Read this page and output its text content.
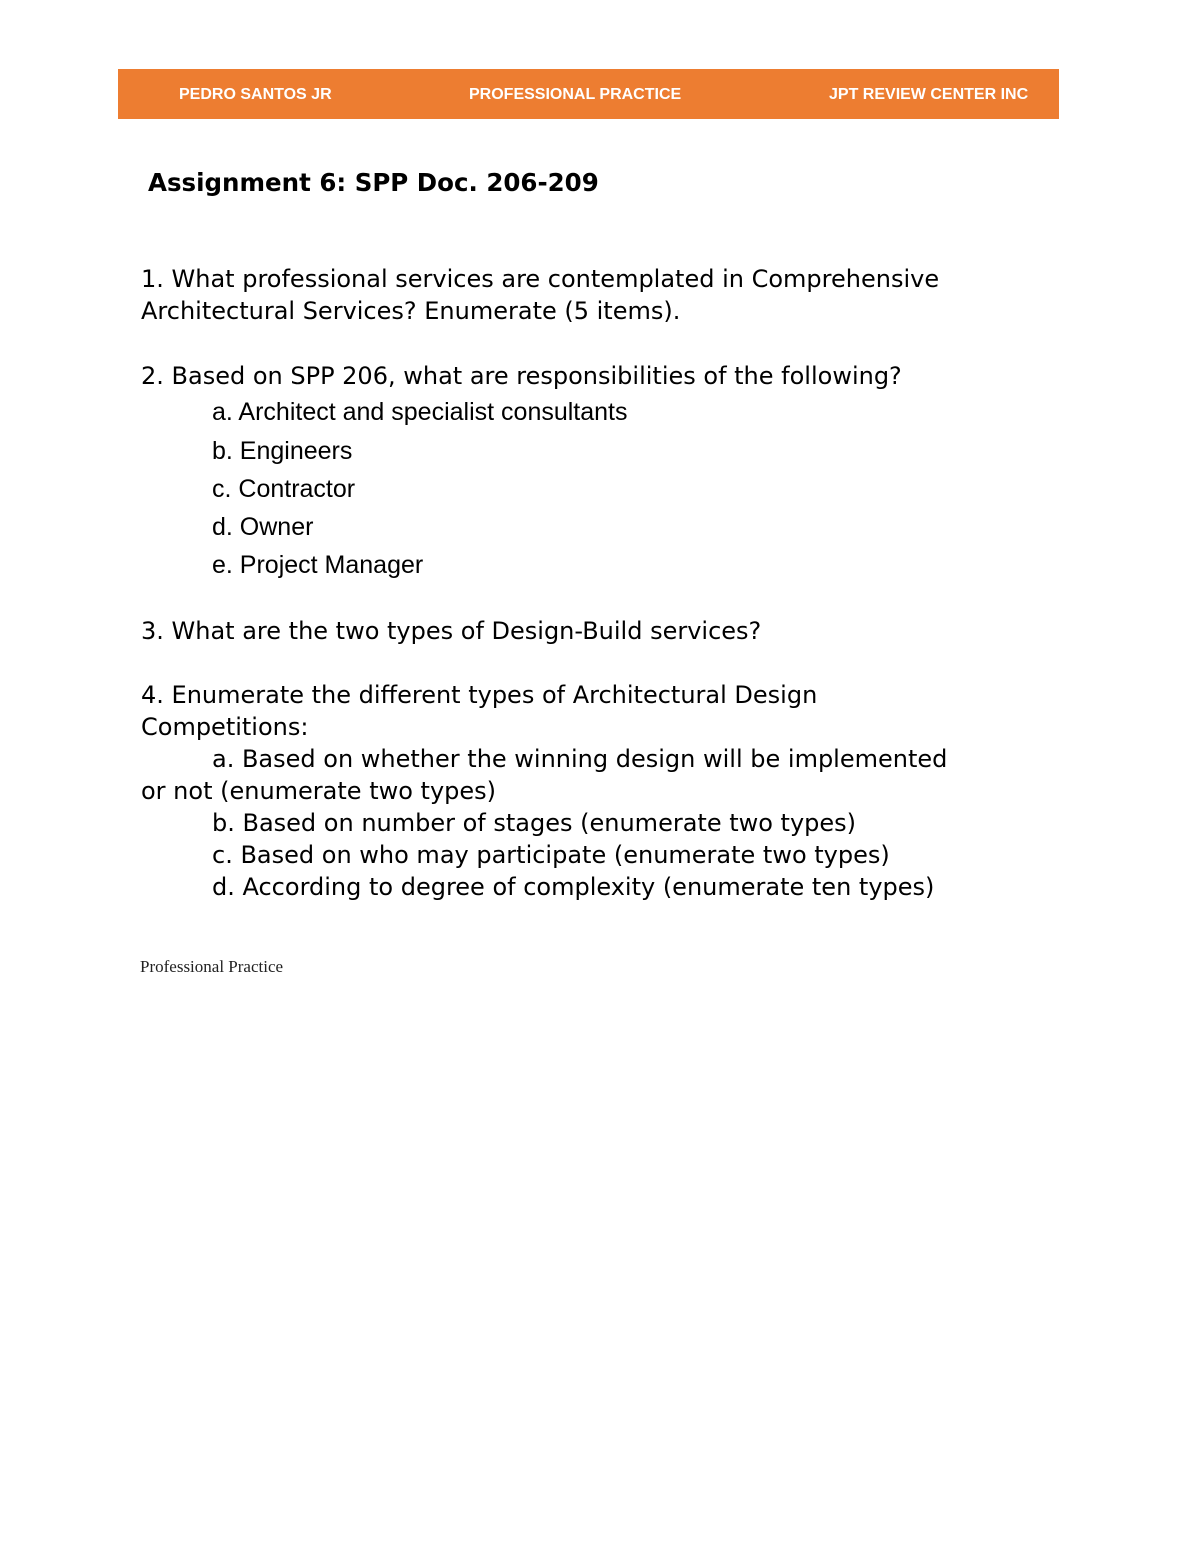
PEDRO SANTOS JR	PROFESSIONAL PRACTICE	JPT REVIEW CENTER INC
Assignment 6: SPP Doc. 206-209
1. What professional services are contemplated in Comprehensive
Architectural Services? Enumerate (5 items).
2. Based on SPP 206, what are responsibilities of the following?
a. Architect and specialist consultants
b. Engineers
c. Contractor
d. Owner
e. Project Manager
3. What are the two types of Design-Build services?
4. Enumerate the different types of Architectural Design
Competitions:
a. Based on whether the winning design will be implemented
or not (enumerate two types)
b. Based on number of stages (enumerate two types)
c. Based on who may participate (enumerate two types)
d. According to degree of complexity (enumerate ten types)
Professional Practice
